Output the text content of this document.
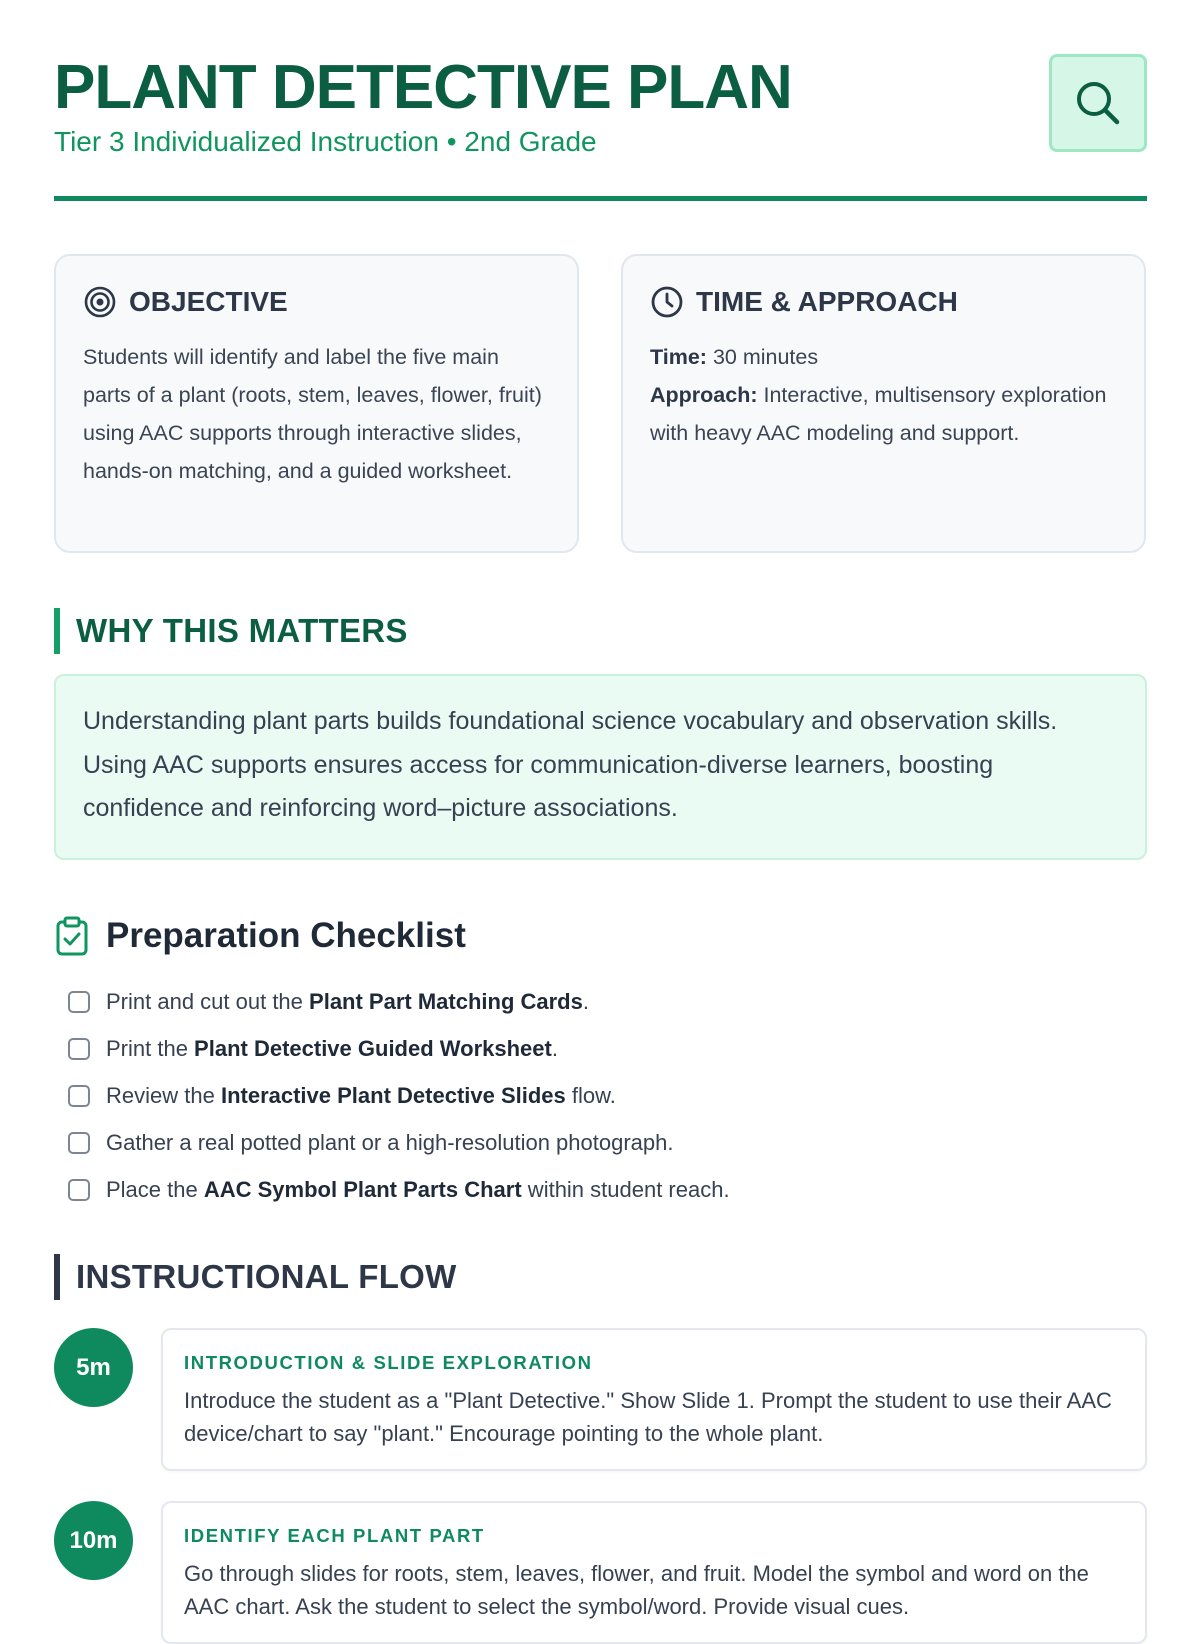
PLANT DETECTIVE PLAN
Tier 3 Individualized Instruction • 2nd Grade
OBJECTIVE
Students will identify and label the five main parts of a plant (roots, stem, leaves, flower, fruit) using AAC supports through interactive slides, hands-on matching, and a guided worksheet.
TIME & APPROACH
Time: 30 minutes
Approach: Interactive, multisensory exploration with heavy AAC modeling and support.
WHY THIS MATTERS
Understanding plant parts builds foundational science vocabulary and observation skills. Using AAC supports ensures access for communication-diverse learners, boosting confidence and reinforcing word–picture associations.
Preparation Checklist
Print and cut out the Plant Part Matching Cards.
Print the Plant Detective Guided Worksheet.
Review the Interactive Plant Detective Slides flow.
Gather a real potted plant or a high-resolution photograph.
Place the AAC Symbol Plant Parts Chart within student reach.
INSTRUCTIONAL FLOW
5m	INTRODUCTION & SLIDE EXPLORATION
Introduce the student as a "Plant Detective." Show Slide 1. Prompt the student to use their AAC device/chart to say "plant." Encourage pointing to the whole plant.
10m	IDENTIFY EACH PLANT PART
Go through slides for roots, stem, leaves, flower, and fruit. Model the symbol and word on the AAC chart. Ask the student to select the symbol/word. Provide visual cues.
